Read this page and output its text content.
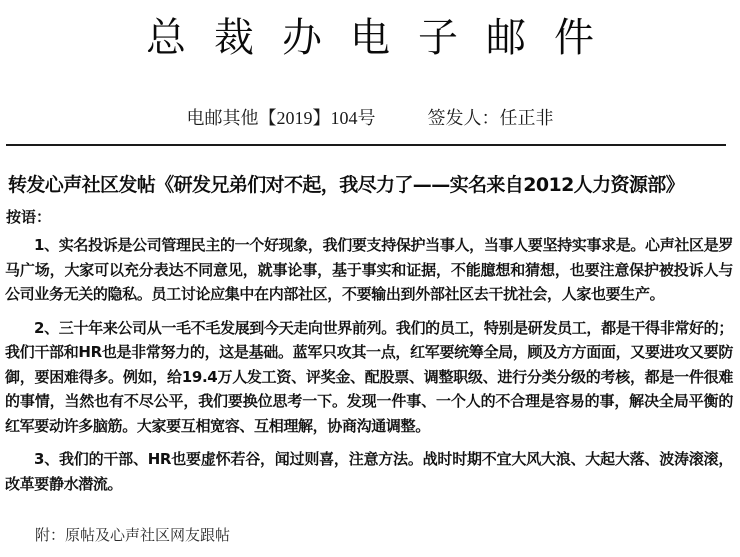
总裁办电子邮件
电邮其他【2019】104号	签发人：任正非
转发心声社区发帖《研发兄弟们对不起，我尽力了——实名来自2012人力资源部》
按语：

1、实名投诉是公司管理民主的一个好现象，我们要支持保护当事人，当事人要坚持实事求是。心声社区是罗马广场，大家可以充分表达不同意见，就事论事，基于事实和证据，不能臆想和猜想，也要注意保护被投诉人与公司业务无关的隐私。员工讨论应集中在内部社区，不要输出到外部社区去干扰社会，人家也要生产。

2、三十年来公司从一毛不毛发展到今天走向世界前列。我们的员工，特别是研发员工，都是干得非常好的；我们干部和HR也是非常努力的，这是基础。蓝军只攻其一点，红军要统筹全局，顾及方方面面，又要进攻又要防御，要困难得多。例如，给19.4万人发工资、评奖金、配股票、调整职级、进行分类分级的考核，都是一件很难的事情，当然也有不尽公平，我们要换位思考一下。发现一件事、一个人的不合理是容易的事，解决全局平衡的红军要动许多脑筋。大家要互相宽容、互相理解，协商沟通调整。

3、我们的干部、HR也要虚怀若谷，闻过则喜，注意方法。战时时期不宜大风大浪、大起大落、波涛滚滚，改革要静水潜流。

附：原帖及心声社区网友跟帖
